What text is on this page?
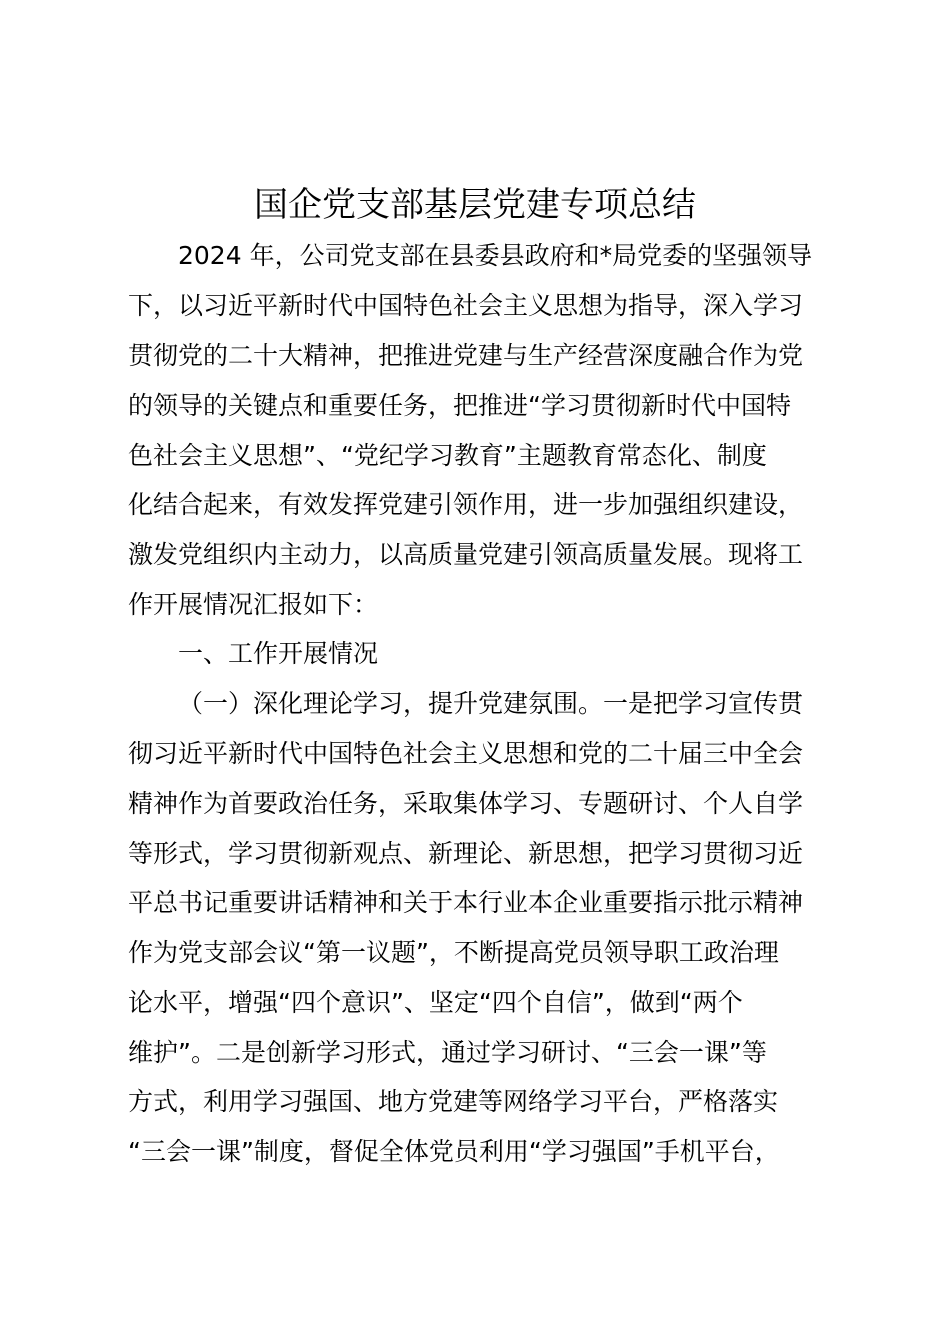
国企党支部基层党建专项总结
2024 年，公司党支部在县委县政府和*局党委的坚强领导
下，以习近平新时代中国特色社会主义思想为指导，深入学习
贯彻党的二十大精神，把推进党建与生产经营深度融合作为党
的领导的关键点和重要任务，把推进“学习贯彻新时代中国特
色社会主义思想”、“党纪学习教育”主题教育常态化、制度
化结合起来，有效发挥党建引领作用，进一步加强组织建设，
激发党组织内主动力，以高质量党建引领高质量发展。现将工
作开展情况汇报如下：
一、工作开展情况
（一）深化理论学习，提升党建氛围。一是把学习宣传贯
彻习近平新时代中国特色社会主义思想和党的二十届三中全会
精神作为首要政治任务，采取集体学习、专题研讨、个人自学
等形式，学习贯彻新观点、新理论、新思想，把学习贯彻习近
平总书记重要讲话精神和关于本行业本企业重要指示批示精神
作为党支部会议“第一议题”，不断提高党员领导职工政治理
论水平，增强“四个意识”、坚定“四个自信”，做到“两个
维护”。二是创新学习形式，通过学习研讨、“三会一课”等
方式，利用学习强国、地方党建等网络学习平台，严格落实
“三会一课”制度，督促全体党员利用“学习强国”手机平台，
